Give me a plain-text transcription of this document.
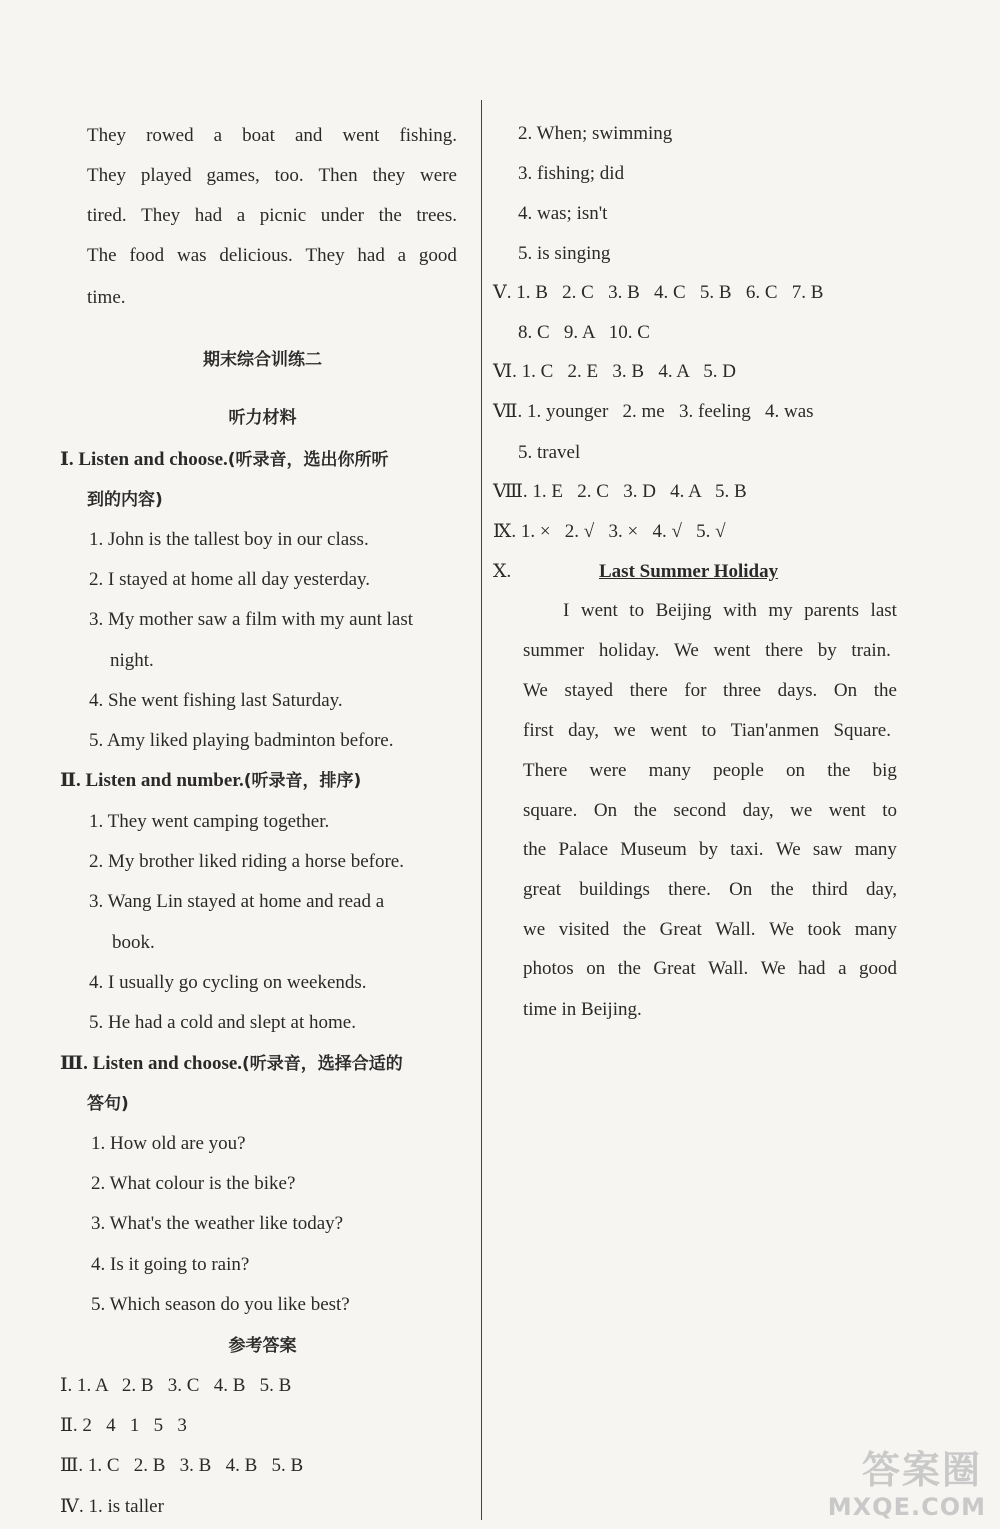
They rowed a boat and went fishing.
They played games, too. Then they were
tired. They had a picnic under the trees.
The food was delicious. They had a good
time.
期末综合训练二
听力材料
Ⅰ. Listen and choose.(听录音，选出你所听
到的内容)
1. John is the tallest boy in our class.
2. I stayed at home all day yesterday.
3. My mother saw a film with my aunt last
night.
4. She went fishing last Saturday.
5. Amy liked playing badminton before.
Ⅱ. Listen and number.(听录音，排序)
1. They went camping together.
2. My brother liked riding a horse before.
3. Wang Lin stayed at home and read a
book.
4. I usually go cycling on weekends.
5. He had a cold and slept at home.
Ⅲ. Listen and choose.(听录音，选择合适的
答句)
1. How old are you?
2. What colour is the bike?
3. What's the weather like today?
4. Is it going to rain?
5. Which season do you like best?
参考答案
Ⅰ. 1. A   2. B   3. C   4. B   5. B
Ⅱ. 2   4   1   5   3
Ⅲ. 1. C   2. B   3. B   4. B   5. B
Ⅳ. 1. is taller
2. When; swimming
3. fishing; did
4. was; isn't
5. is singing
Ⅴ. 1. B   2. C   3. B   4. C   5. B   6. C   7. B
8. C   9. A   10. C
Ⅵ. 1. C   2. E   3. B   4. A   5. D
Ⅶ. 1. younger   2. me   3. feeling   4. was
5. travel
Ⅷ. 1. E   2. C   3. D   4. A   5. B
Ⅸ. 1. ×   2. √   3. ×   4. √   5. √
Ⅹ.	Last Summer Holiday
I went to Beijing with my parents last
summer holiday. We went there by train.
We stayed there for three days. On the
first day, we went to Tian'anmen Square.
There were many people on the big
square. On the second day, we went to
the Palace Museum by taxi. We saw many
great buildings there. On the third day,
we visited the Great Wall. We took many
photos on the Great Wall. We had a good
time in Beijing.
答案圈
MXQE.COM
